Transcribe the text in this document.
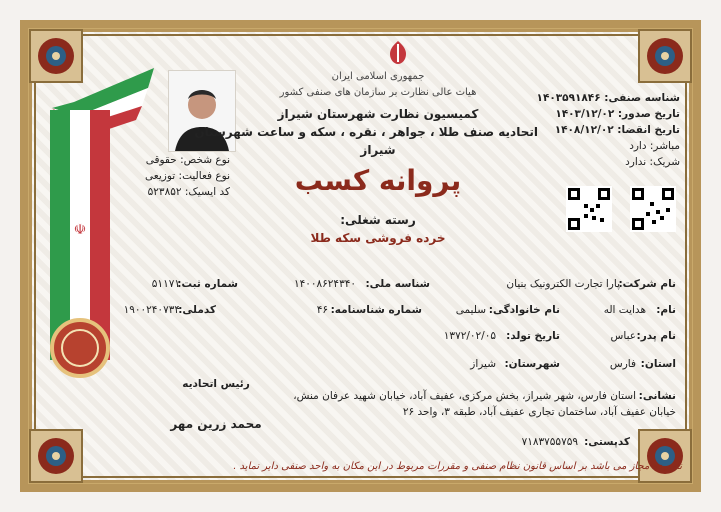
☫
جمهوری اسلامی ایران
هیات عالی نظارت بر سازمان های صنفی کشور
کمیسیون نظارت شهرستان شیراز
اتحادیه صنف طلا ، جواهر ، نقره ، سکه و ساعت شهرستان
شیراز
پروانه کسب
رسته شغلی:
خرده فروشی سکه طلا
نوع شخص: حقوقی
نوع فعالیت: توزیعی
کد ایسیک: ۵۲۳۸۵۲
شناسه صنفی: ۱۴۰۳۵۹۱۸۴۶
تاریخ صدور: ۱۴۰۳/۱۲/۰۲
تاریخ انقضا: ۱۴۰۸/۱۲/۰۲
مباشر: دارد
شریک: ندارد
نام شرکت:
پارا تجارت الکترونیک بنیان
شناسه ملی:
۱۴۰۰۸۶۲۴۳۴۰
شماره ثبت:
۵۱۱۷۱
نام:
هدایت اله
نام خانوادگی:
سلیمی
شماره شناسنامه:
۴۶
کدملی:
۱۹۰۰۲۴۰۷۳۴
نام پدر:
عباس
تاریخ تولد:
۱۳۷۲/۰۲/۰۵
استان:
فارس
شهرستان:
شیراز
نشانی:
استان فارس، شهر شیراز، بخش مرکزی، عفیف آباد، خیابان شهید عرفان منش،
خیابان عفیف آباد، ساختمان تجاری عفیف آباد، طبقه ۳، واحد ۲۶
کدپستی:
۷۱۸۳۷۵۵۷۵۹
رئیس اتحادیه
محمد زرین مهر
نامبرده مجاز می باشد بر اساس قانون نظام صنفی و مقررات مربوط در این مکان به واحد صنفی دایر نماید .
